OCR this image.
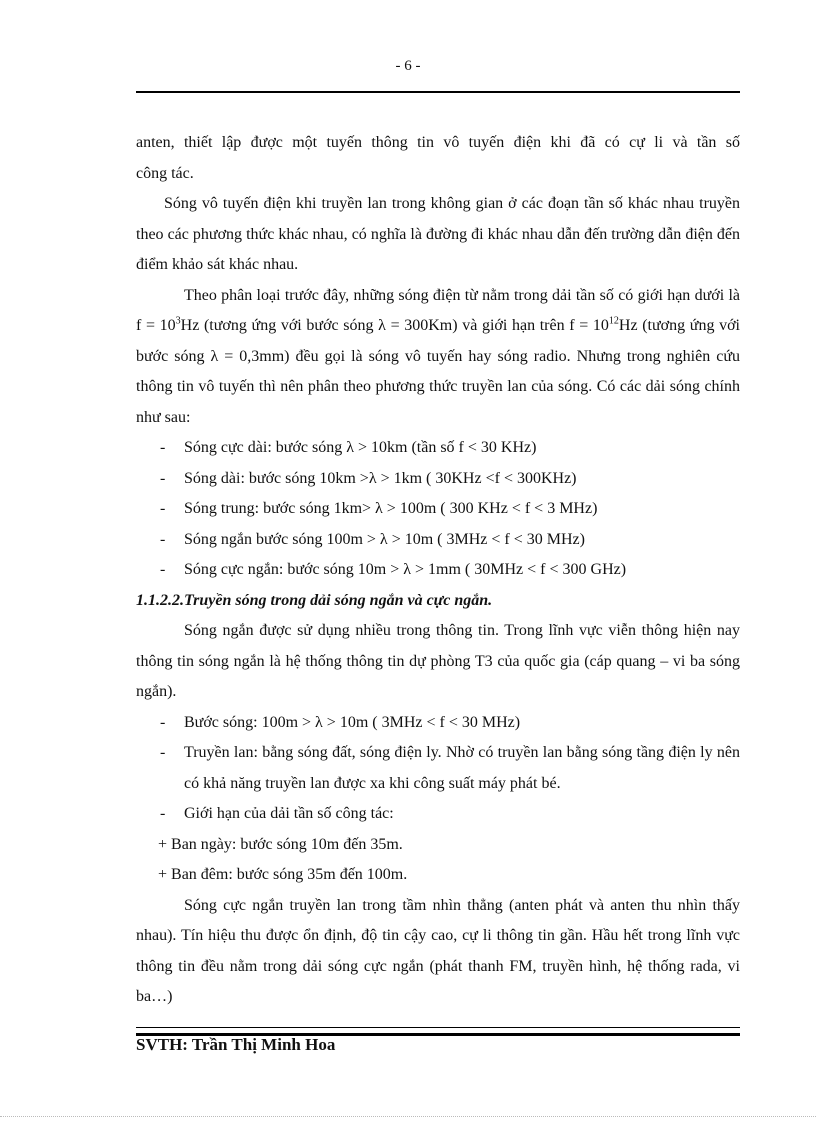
- 6 -

anten, thiết lập được một tuyến thông tin vô tuyến điện khi đã có cự li và tần số

công tác.

Sóng vô tuyến điện khi truyền lan trong không gian ở các đoạn tần số khác nhau truyền theo các phương thức khác nhau, có nghĩa là đường đi khác nhau dẫn đến trường dẫn điện đến điểm khảo sát khác nhau.

Theo phân loại trước đây, những sóng điện từ nằm trong dải tần số có giới hạn dưới là $f = 10^3Hz$ (tương ứng với bước sóng λ = 300Km) và giới hạn trên $f = 10^{12}Hz$ (tương ứng với bước sóng λ = 0,3mm) đều gọi là sóng vô tuyến hay sóng radio. Nhưng trong nghiên cứu thông tin vô tuyến thì nên phân theo phương thức truyền lan của sóng. Có các dải sóng chính như sau:

- Sóng cực dài: bước sóng λ > 10km (tần số f < 30 KHz)

- Sóng dài: bước sóng 10km >λ > 1km ( 30KHz <f < 300KHz)

- Sóng trung: bước sóng 1km> λ > 100m ( 300 KHz < f < 3 MHz)

- Sóng ngắn bước sóng 100m > λ > 10m ( 3MHz < f < 30 MHz)

- Sóng cực ngắn: bước sóng 10m > λ > 1mm ( 30MHz < f < 300 GHz)

1.1.2.2.Truyền sóng trong dải sóng ngắn và cực ngắn.

Sóng ngắn được sử dụng nhiều trong thông tin. Trong lĩnh vực viễn thông hiện nay thông tin sóng ngắn là hệ thống thông tin dự phòng T3 của quốc gia (cáp quang – vi ba sóng ngắn).

- Bước sóng: 100m > λ > 10m ( 3MHz < f < 30 MHz)

- Truyền lan: bằng sóng đất, sóng điện ly. Nhờ có truyền lan bằng sóng tầng điện ly nên có khả năng truyền lan được xa khi công suất máy phát bé.

- Giới hạn của dải tần số công tác:

+ Ban ngày: bước sóng 10m đến 35m.

+ Ban đêm: bước sóng 35m đến 100m.

Sóng cực ngắn truyền lan trong tầm nhìn thẳng (anten phát và anten thu nhìn thấy nhau). Tín hiệu thu được ổn định, độ tin cậy cao, cự li thông tin gần. Hầu hết trong lĩnh vực thông tin đều nằm trong dải sóng cực ngắn (phát thanh FM, truyền hình, hệ thống rada, vi ba…)

SVTH: Trần Thị Minh Hoa
